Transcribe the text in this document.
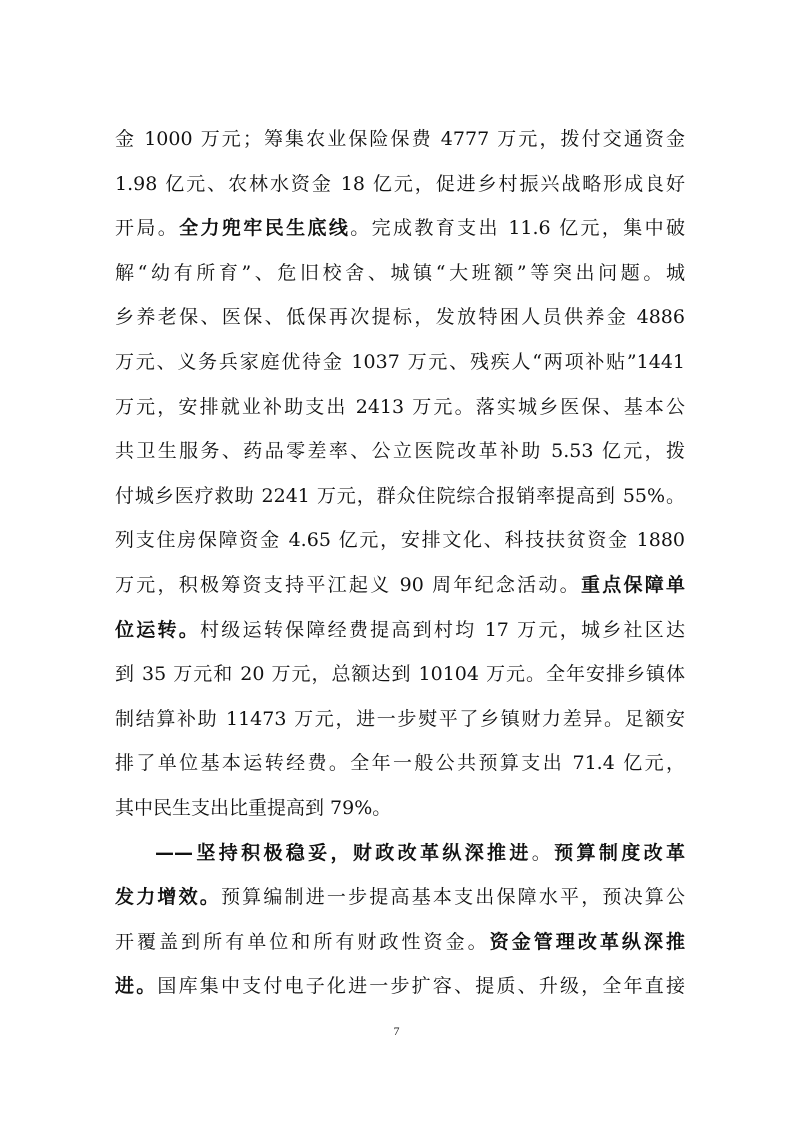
金 1000 万元；筹集农业保险保费 4777 万元，拨付交通资金
1.98 亿元、农林水资金 18 亿元，促进乡村振兴战略形成良好
开局。全力兜牢民生底线。完成教育支出 11.6 亿元，集中破
解“幼有所育”、危旧校舍、城镇“大班额”等突出问题。城
乡养老保、医保、低保再次提标，发放特困人员供养金 4886
万元、义务兵家庭优待金 1037 万元、残疾人“两项补贴”1441
万元，安排就业补助支出 2413 万元。落实城乡医保、基本公
共卫生服务、药品零差率、公立医院改革补助 5.53 亿元，拨
付城乡医疗救助 2241 万元，群众住院综合报销率提高到 55%。
列支住房保障资金 4.65 亿元，安排文化、科技扶贫资金 1880
万元，积极筹资支持平江起义 90 周年纪念活动。重点保障单
位运转。村级运转保障经费提高到村均 17 万元，城乡社区达
到 35 万元和 20 万元，总额达到 10104 万元。全年安排乡镇体
制结算补助 11473 万元，进一步熨平了乡镇财力差异。足额安
排了单位基本运转经费。全年一般公共预算支出 71.4 亿元，
其中民生支出比重提高到 79%。
——坚持积极稳妥，财政改革纵深推进。预算制度改革
发力增效。预算编制进一步提高基本支出保障水平，预决算公
开覆盖到所有单位和所有财政性资金。资金管理改革纵深推
进。国库集中支付电子化进一步扩容、提质、升级，全年直接
7
